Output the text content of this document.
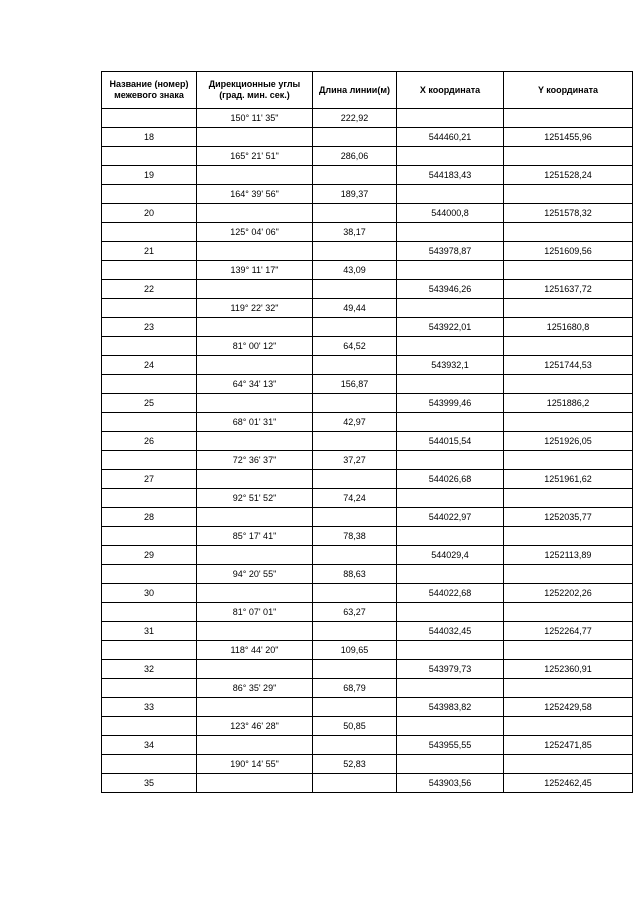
Название (номер)
межевого знака	Дирекционные углы
(град. мин. сек.)	Длина линии(м)	X координата	Y координата
	150° 11' 35"	222,92		
18			544460,21	1251455,96
	165° 21' 51"	286,06		
19			544183,43	1251528,24
	164° 39' 56"	189,37		
20			544000,8	1251578,32
	125° 04' 06"	38,17		
21			543978,87	1251609,56
	139° 11' 17"	43,09		
22			543946,26	1251637,72
	119° 22' 32"	49,44		
23			543922,01	1251680,8
	81° 00' 12"	64,52		
24			543932,1	1251744,53
	64° 34' 13"	156,87		
25			543999,46	1251886,2
	68° 01' 31"	42,97		
26			544015,54	1251926,05
	72° 36' 37"	37,27		
27			544026,68	1251961,62
	92° 51' 52"	74,24		
28			544022,97	1252035,77
	85° 17' 41"	78,38		
29			544029,4	1252113,89
	94° 20' 55"	88,63		
30			544022,68	1252202,26
	81° 07' 01"	63,27		
31			544032,45	1252264,77
	118° 44' 20"	109,65		
32			543979,73	1252360,91
	86° 35' 29"	68,79		
33			543983,82	1252429,58
	123° 46' 28"	50,85		
34			543955,55	1252471,85
	190° 14' 55"	52,83		
35			543903,56	1252462,45
